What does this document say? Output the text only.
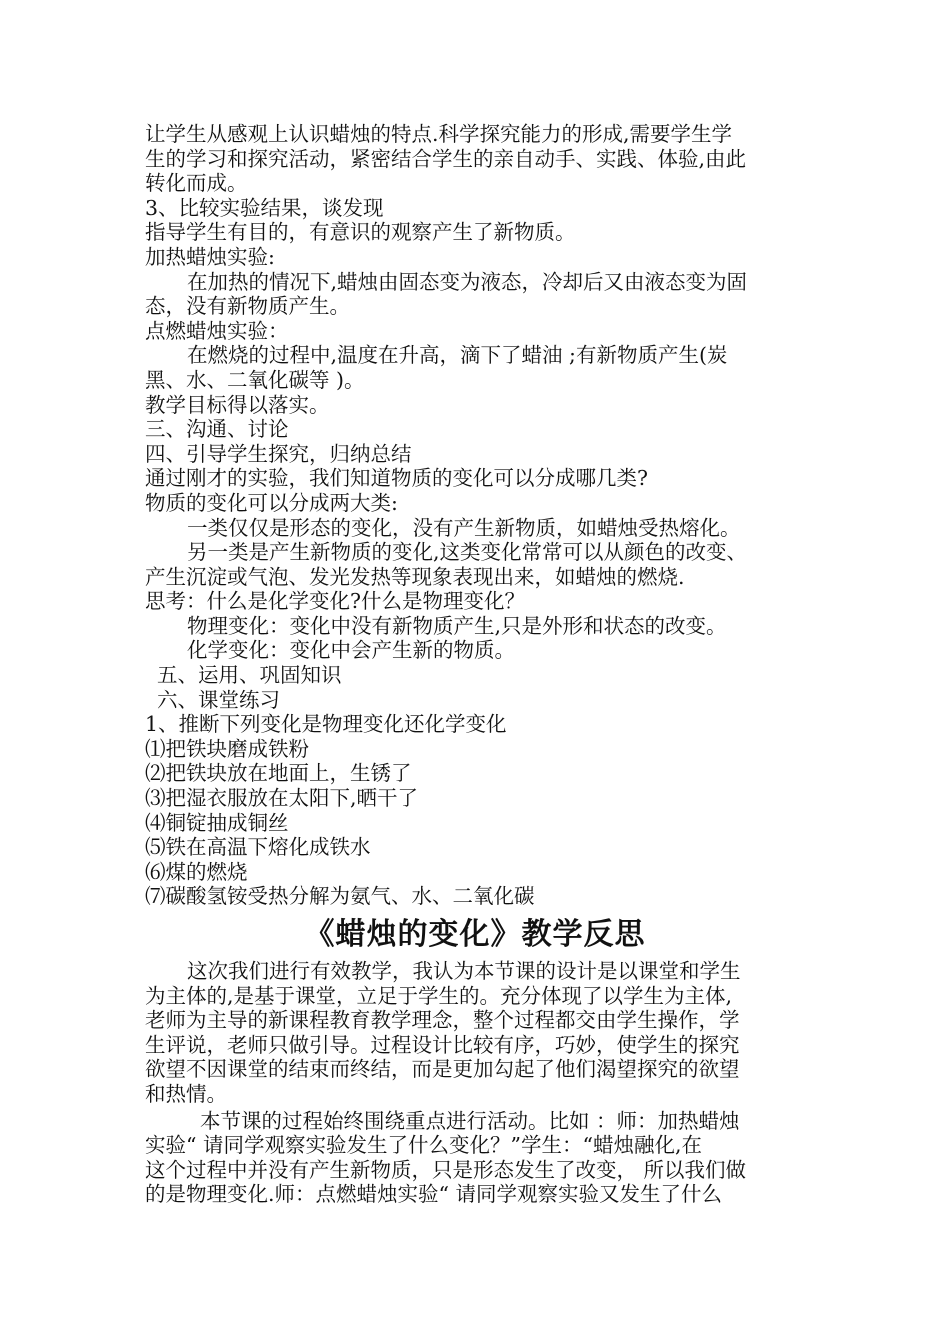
让学生从感观上认识蜡烛的特点.科学探究能力的形成,需要学生学

生的学习和探究活动，紧密结合学生的亲自动手、实践、体验,由此

转化而成。

3、比较实验结果，谈发现

指导学生有目的，有意识的观察产生了新物质。

加热蜡烛实验:

在加热的情况下,蜡烛由固态变为液态，冷却后又由液态变为固

态，没有新物质产生。

点燃蜡烛实验：

在燃烧的过程中,温度在升高，滴下了蜡油 ;有新物质产生(炭

黑、水、二氧化碳等 )。

教学目标得以落实。

三、沟通、讨论

四、引导学生探究，归纳总结

通过刚才的实验，我们知道物质的变化可以分成哪几类?

物质的变化可以分成两大类:

一类仅仅是形态的变化，没有产生新物质，如蜡烛受热熔化。

另一类是产生新物质的变化,这类变化常常可以从颜色的改变、

产生沉淀或气泡、发光发热等现象表现出来，如蜡烛的燃烧.

思考：什么是化学变化?什么是物理变化？

物理变化：变化中没有新物质产生,只是外形和状态的改变。

化学变化：变化中会产生新的物质。

五、运用、巩固知识

六、课堂练习

1、推断下列变化是物理变化还化学变化

⑴把铁块磨成铁粉

⑵把铁块放在地面上，生锈了

⑶把湿衣服放在太阳下,晒干了

⑷铜锭抽成铜丝

⑸铁在高温下熔化成铁水

⑹煤的燃烧

⑺碳酸氢铵受热分解为氨气、水、二氧化碳

《蜡烛的变化》教学反思

这次我们进行有效教学，我认为本节课的设计是以课堂和学生

为主体的,是基于课堂，立足于学生的。充分体现了以学生为主体,

老师为主导的新课程教育教学理念，整个过程都交由学生操作，学

生评说，老师只做引导。过程设计比较有序，巧妙，使学生的探究

欲望不因课堂的结束而终结，而是更加勾起了他们渴望探究的欲望

和热情。

本节课的过程始终围绕重点进行活动。比如 ：师：加热蜡烛

实验“ 请同学观察实验发生了什么变化？”学生：“蜡烛融化,在

这个过程中并没有产生新物质，只是形态发生了改变， 所以我们做

的是物理变化.师：点燃蜡烛实验“ 请同学观察实验又发生了什么
